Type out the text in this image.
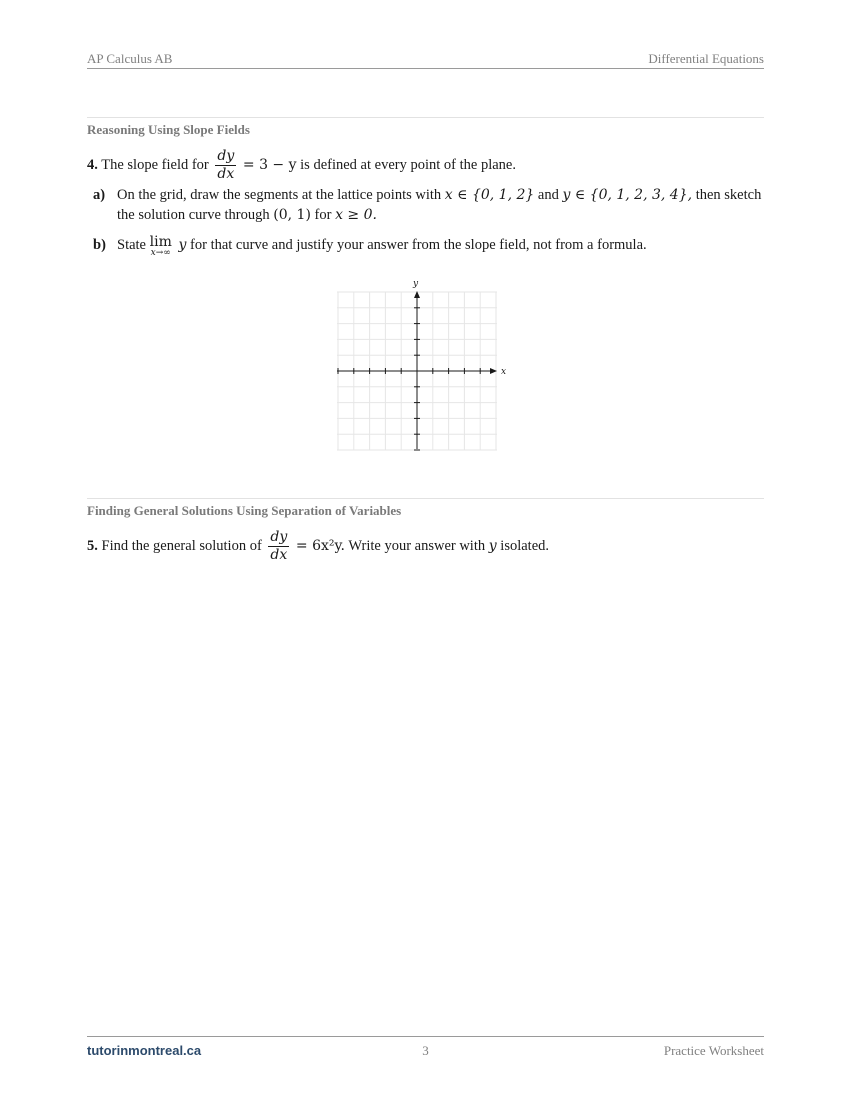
AP Calculus AB	Differential Equations
Reasoning Using Slope Fields
4. The slope field for $\frac{dy}{dx} = 3 - y$ is defined at every point of the plane.
a) On the grid, draw the segments at the lattice points with x ∈ {0, 1, 2} and y ∈ {0, 1, 2, 3, 4}, then sketch the solution curve through (0, 1) for x ≥ 0.
b) State lim
x→∞ y for that curve and justify your answer from the slope field, not from a formula.
x
y
Finding General Solutions Using Separation of Variables
5. Find the general solution of $\frac{dy}{dx} = 6x^2y$. Write your answer with y isolated.
tutorinmontreal.ca	3	Practice Worksheet
